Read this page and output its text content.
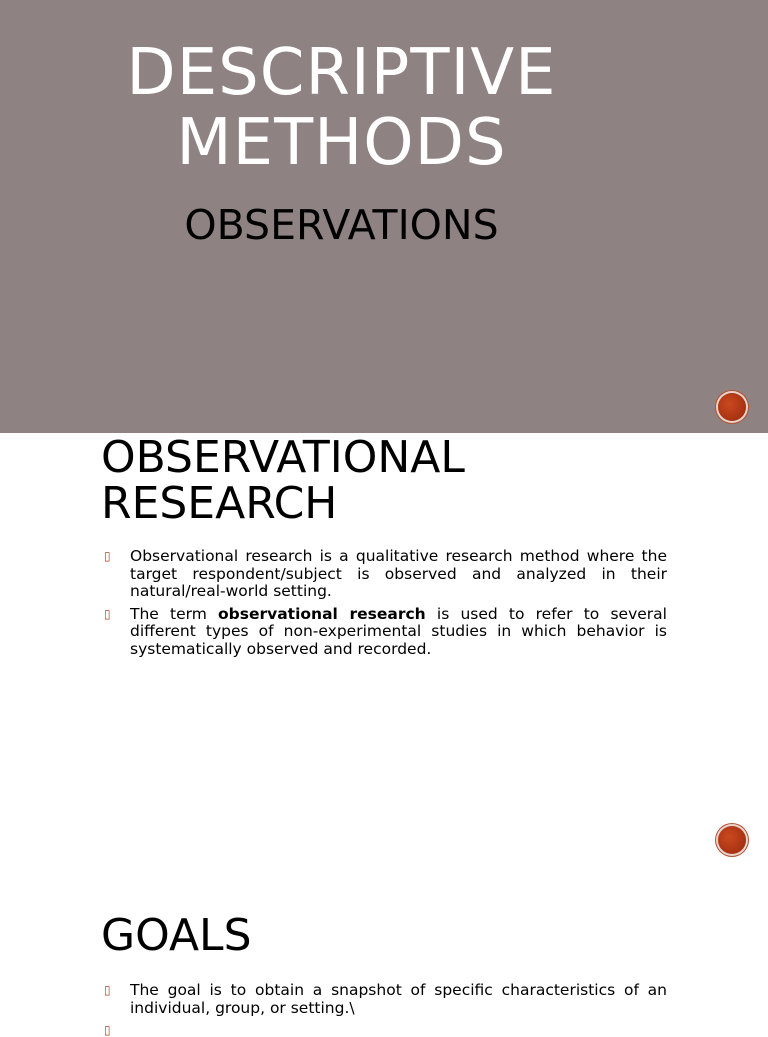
DESCRIPTIVE
METHODS
OBSERVATIONS
OBSERVATIONAL
RESEARCH
▯ Observational research is a qualitative research method where the target respondent/subject is observed and analyzed in their natural/real-world setting.
▯ The term observational research is used to refer to several different types of non-experimental studies in which behavior is systematically observed and recorded.
GOALS
▯ The goal is to obtain a snapshot of specific characteristics of an individual, group, or setting.\
▯
